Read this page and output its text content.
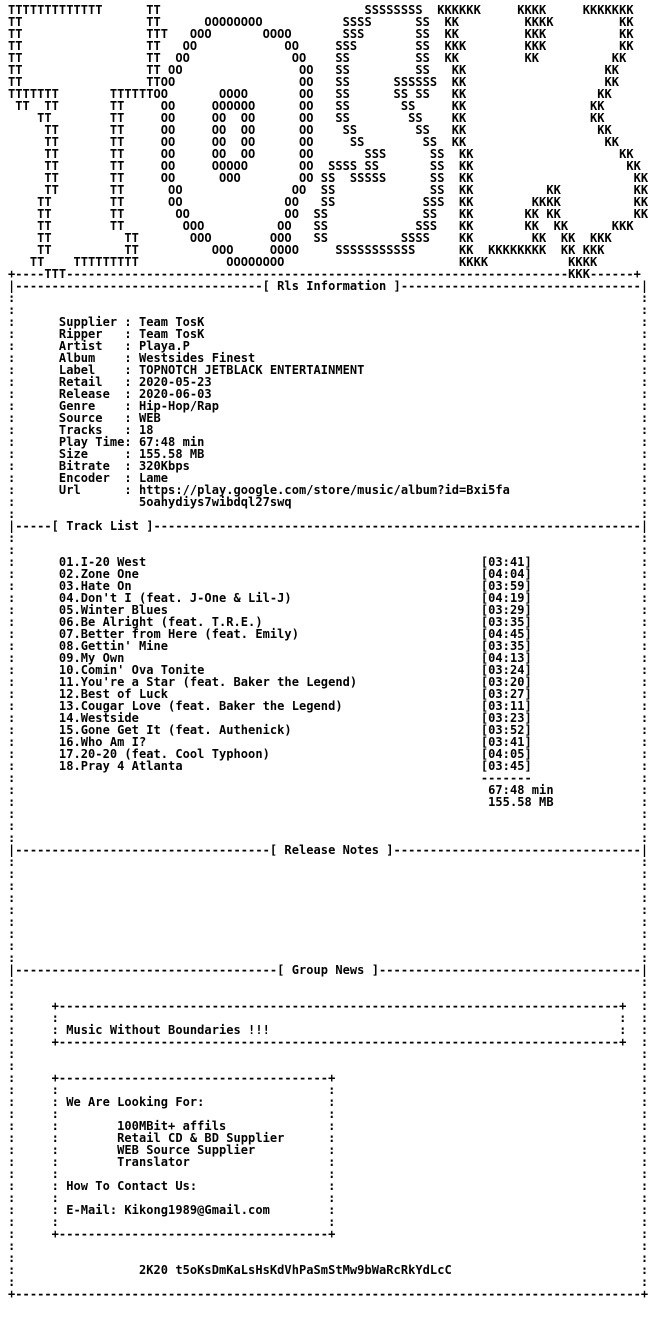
TTTTTTTTTTTTT      TT                            SSSSSSSS  KKKKKK     KKKK     KKKKKKK
TT                 TT      OOOOOOOO           SSSS      SS  KK         KKKK         KK
TT                 TTT   OOO       OOOO       SSS       SS  KK         KKK          KK
TT                 TT   OO            OO     SSS        SS  KKK        KKK          KK
TT                 TT  OO              OO    SS         SS  KK         KK          KK
TT                 TT OO                OO   SS         SS   KK                   KK
TT                 TTOO                 OO   SS      SSSSSS  KK                   KK
TTTTTTT       TTTTTTOO       OOOO       OO   SS      SS SS   KK                  KK
TT  TT       TT     OO     OOOOOO      OO   SS       SS     KK                 KK
TT        TT     OO     OO  OO      OO   SS        SS    KK                 KK
TT       TT     OO     OO  OO      OO    SS        SS   KK                  KK
TT       TT     OO     OO  OO      OO     SS        SS  KK                   KK
TT       TT     OO     OO  OO      OO       SSS      SS  KK                    KK
TT       TT     OO     OOOOO       OO  SSSS SS       SS  KK                     KK
TT       TT     OO      OOO        OO SS  SSSSS      SS  KK                      KK
TT       TT      OO               OO  SS             SS  KK          KK          KK
TT        TT      OO              OO   SS            SSS  KK        KKKK          KK
TT        TT       OO             OO  SS             SS   KK       KK KK          KK
TT        TT        OOO          OO   SS            SSS   KK       KK  KK      KKK
TT          TT       OOO        OOO   SS          SSSS    KK        KK  KK  KKK
TT          TT          OOO     OOOO     SSSSSSSSSSS      KK  KKKKKKKK  KK KKK
TT    TTTTTTTTT            OOOOOOOO                        KKKK           KKKK
+----TTT---------------------------------------------------------------------KKK------+
|----------------------------------[ Rls Information ]---------------------------------|
:                                                                                      :
:                                                                                      :
:      Supplier : Team TosK                                                            :
:      Ripper   : Team TosK                                                            :
:      Artist   : Playa.P                                                              :
:      Album    : Westsides Finest                                                     :
:      Label    : TOPNOTCH JETBLACK ENTERTAINMENT                                      :
:      Retail   : 2020-05-23                                                           :
:      Release  : 2020-06-03                                                           :
:      Genre    : Hip-Hop/Rap                                                          :
:      Source   : WEB                                                                  :
:      Tracks   : 18                                                                   :
:      Play Time: 67:48 min                                                            :
:      Size     : 155.58 MB                                                            :
:      Bitrate  : 320Kbps                                                              :
:      Encoder  : Lame                                                                 :
:      Url      : https://play.google.com/store/music/album?id=Bxi5fa                  :
:                 5oahydiys7wibdql27swq                                                :
:                                                                                      :
|-----[ Track List ]-------------------------------------------------------------------|
:                                                                                      :
:                                                                                      :
:      01.I-20 West                                              [03:41]               :
:      02.Zone One                                               [04:04]               :
:      03.Hate On                                                [03:59]               :
:      04.Don't I (feat. J-One & Lil-J)                          [04:19]               :
:      05.Winter Blues                                           [03:29]               :
:      06.Be Alright (feat. T.R.E.)                              [03:35]               :
:      07.Better from Here (feat. Emily)                         [04:45]               :
:      08.Gettin' Mine                                           [03:35]               :
:      09.My Own                                                 [04:13]               :
:      10.Comin' Ova Tonite                                      [03:24]               :
:      11.You're a Star (feat. Baker the Legend)                 [03:20]               :
:      12.Best of Luck                                           [03:27]               :
:      13.Cougar Love (feat. Baker the Legend)                   [03:11]               :
:      14.Westside                                               [03:23]               :
:      15.Gone Get It (feat. Authenick)                          [03:52]               :
:      16.Who Am I?                                              [03:41]               :
:      17.20-20 (feat. Cool Typhoon)                             [04:05]               :
:      18.Pray 4 Atlanta                                         [03:45]               :
:                                                                -------               :
:                                                                 67:48 min            :
:                                                                 155.58 MB            :
:                                                                                      :
:                                                                                      :
:                                                                                      :
|-----------------------------------[ Release Notes ]----------------------------------|
:                                                                                      :
:                                                                                      :
:                                                                                      :
:                                                                                      :
:                                                                                      :
:                                                                                      :
:                                                                                      :
:                                                                                      :
:                                                                                      :
|------------------------------------[ Group News ]------------------------------------|
:                                                                                      :
:                                                                                      :
:     +-----------------------------------------------------------------------------+  :
:     :                                                                             :  :
:     : Music Without Boundaries !!!                                                :  :
:     +-----------------------------------------------------------------------------+  :
:                                                                                      :
:                                                                                      :
:     +-------------------------------------+                                          :
:     :                                     :                                          :
:     : We Are Looking For:                 :                                          :
:     :                                     :                                          :
:     :        100MBit+ affils              :                                          :
:     :        Retail CD & BD Supplier      :                                          :
:     :        WEB Source Supplier          :                                          :
:     :        Translator                   :                                          :
:     :                                     :                                          :
:     : How To Contact Us:                  :                                          :
:     :                                     :                                          :
:     : E-Mail: Kikong1989@Gmail.com        :                                          :
:     :                                     :                                          :
:     +-------------------------------------+                                          :
:                                                                                      :
:                                                                                      :
:                 2K20 t5oKsDmKaLsHsKdVhPaSmStMw9bWaRcRkYdLcC                          :
:                                                                                      :
+--------------------------------------------------------------------------------------+
